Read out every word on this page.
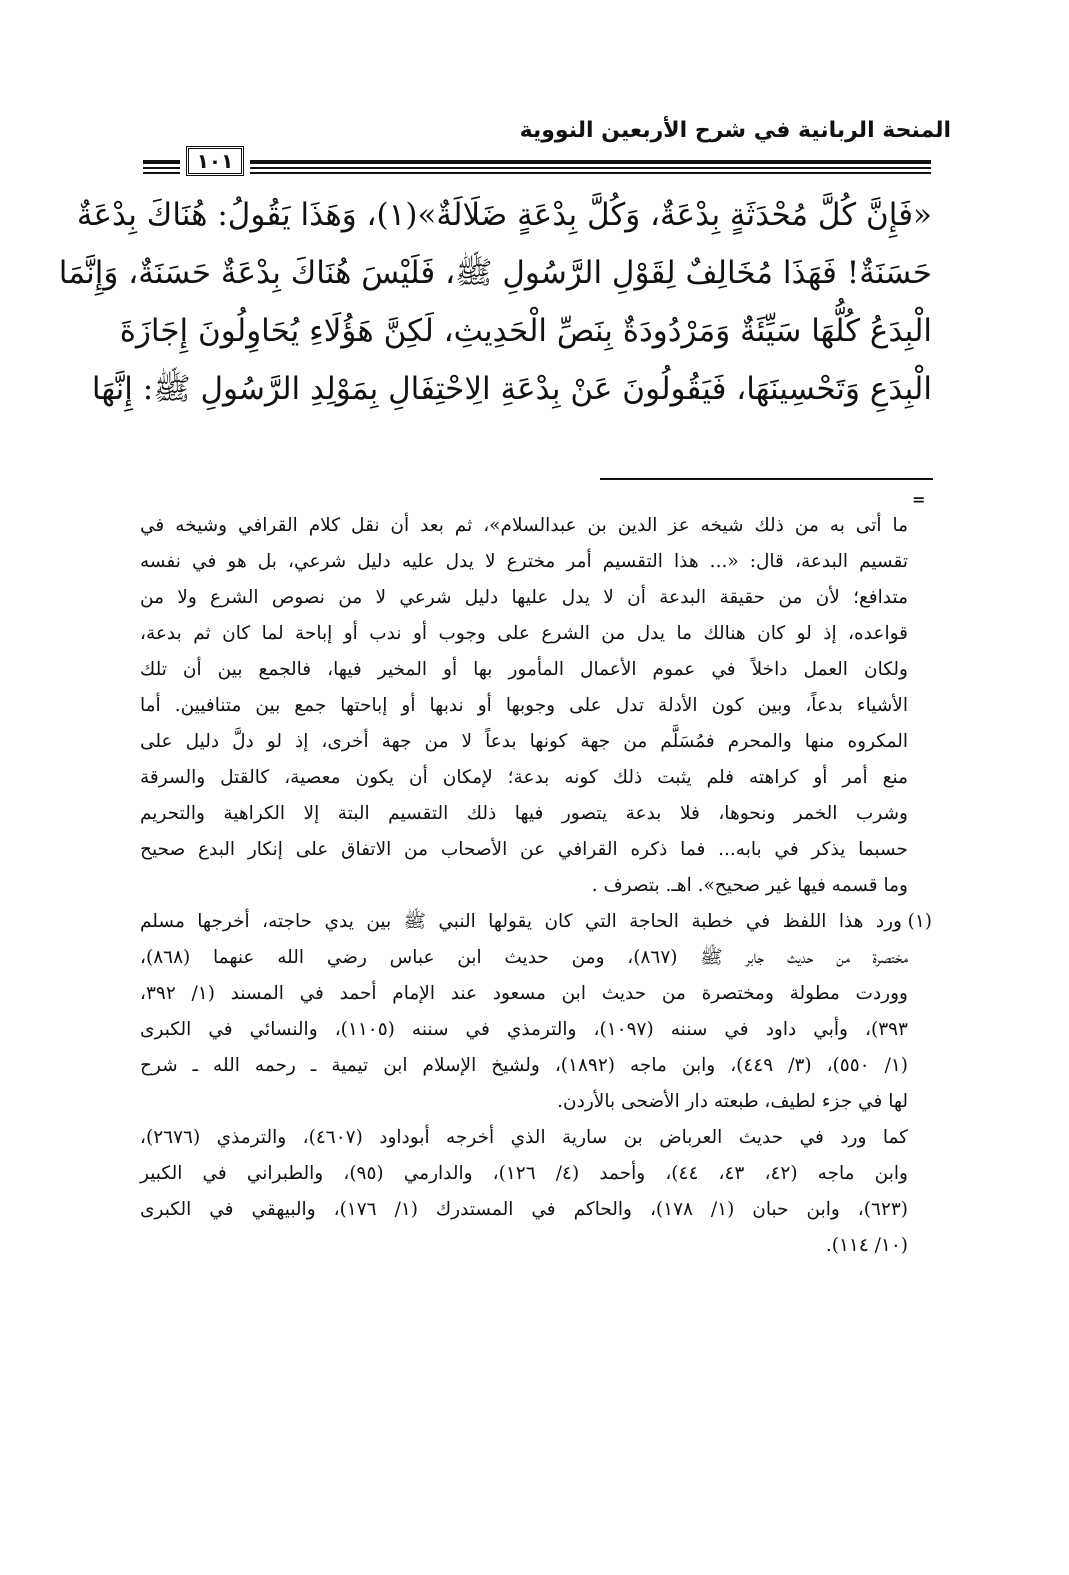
المنحة الربانية في شرح الأربعين النووية
١٠١
«فَإِنَّ كُلَّ مُحْدَثَةٍ بِدْعَةٌ، وَكُلَّ بِدْعَةٍ ضَلَالَةٌ»(١)، وَهَذَا يَقُولُ: هُنَاكَ بِدْعَةٌ
حَسَنَةٌ! فَهَذَا مُخَالِفٌ لِقَوْلِ الرَّسُولِ ﷺ، فَلَيْسَ هُنَاكَ بِدْعَةٌ حَسَنَةٌ، وَإِنَّمَا
الْبِدَعُ كُلُّهَا سَيِّئَةٌ وَمَرْدُودَةٌ بِنَصِّ الْحَدِيثِ، لَكِنَّ هَؤُلَاءِ يُحَاوِلُونَ إِجَازَةَ
الْبِدَعِ وَتَحْسِينَهَا، فَيَقُولُونَ عَنْ بِدْعَةِ الِاحْتِفَالِ بِمَوْلِدِ الرَّسُولِ ﷺ: إِنَّهَا
=
ما أتى به من ذلك شيخه عز الدين بن عبدالسلام»، ثم بعد أن نقل كلام القرافي وشيخه في
تقسيم البدعة، قال: «... هذا التقسيم أمر مخترع لا يدل عليه دليل شرعي، بل هو في نفسه
متدافع؛ لأن من حقيقة البدعة أن لا يدل عليها دليل شرعي لا من نصوص الشرع ولا من
قواعده، إذ لو كان هنالك ما يدل من الشرع على وجوب أو ندب أو إباحة لما كان ثم بدعة،
ولكان العمل داخلاً في عموم الأعمال المأمور بها أو المخير فيها، فالجمع بين أن تلك
الأشياء بدعاً، وبين كون الأدلة تدل على وجوبها أو ندبها أو إباحتها جمع بين متنافيين. أما
المكروه منها والمحرم فمُسَلَّم من جهة كونها بدعاً لا من جهة أخرى، إذ لو دلَّ دليل على
منع أمر أو كراهته فلم يثبت ذلك كونه بدعة؛ لإمكان أن يكون معصية، كالقتل والسرقة
وشرب الخمر ونحوها، فلا بدعة يتصور فيها ذلك التقسيم البتة إلا الكراهية والتحريم
حسبما يذكر في بابه... فما ذكره القرافي عن الأصحاب من الاتفاق على إنكار البدع صحيح
وما قسمه فيها غير صحيح». اهـ. بتصرف .
(١)ورد هذا اللفظ في خطبة الحاجة التي كان يقولها النبي ﷺ بين يدي حاجته، أخرجها مسلم
مختصرة من حديث جابر ﷺ (٨٦٧)، ومن حديث ابن عباس رضي الله عنهما (٨٦٨)،
ووردت مطولة ومختصرة من حديث ابن مسعود عند الإمام أحمد في المسند (١/ ٣٩٢،
٣٩٣)، وأبي داود في سننه (١٠٩٧)، والترمذي في سننه (١١٠٥)، والنسائي في الكبرى
(١/ ٥٥٠)، (٣/ ٤٤٩)، وابن ماجه (١٨٩٢)، ولشيخ الإسلام ابن تيمية ـ رحمه الله ـ شرح
لها في جزء لطيف، طبعته دار الأضحى بالأردن.
كما ورد في حديث العرباض بن سارية الذي أخرجه أبوداود (٤٦٠٧)، والترمذي (٢٦٧٦)،
وابن ماجه (٤٢، ٤٣، ٤٤)، وأحمد (٤/ ١٢٦)، والدارمي (٩٥)، والطبراني في الكبير
(٦٢٣)، وابن حبان (١/ ١٧٨)، والحاكم في المستدرك (١/ ١٧٦)، والبيهقي في الكبرى
(١٠/ ١١٤).
